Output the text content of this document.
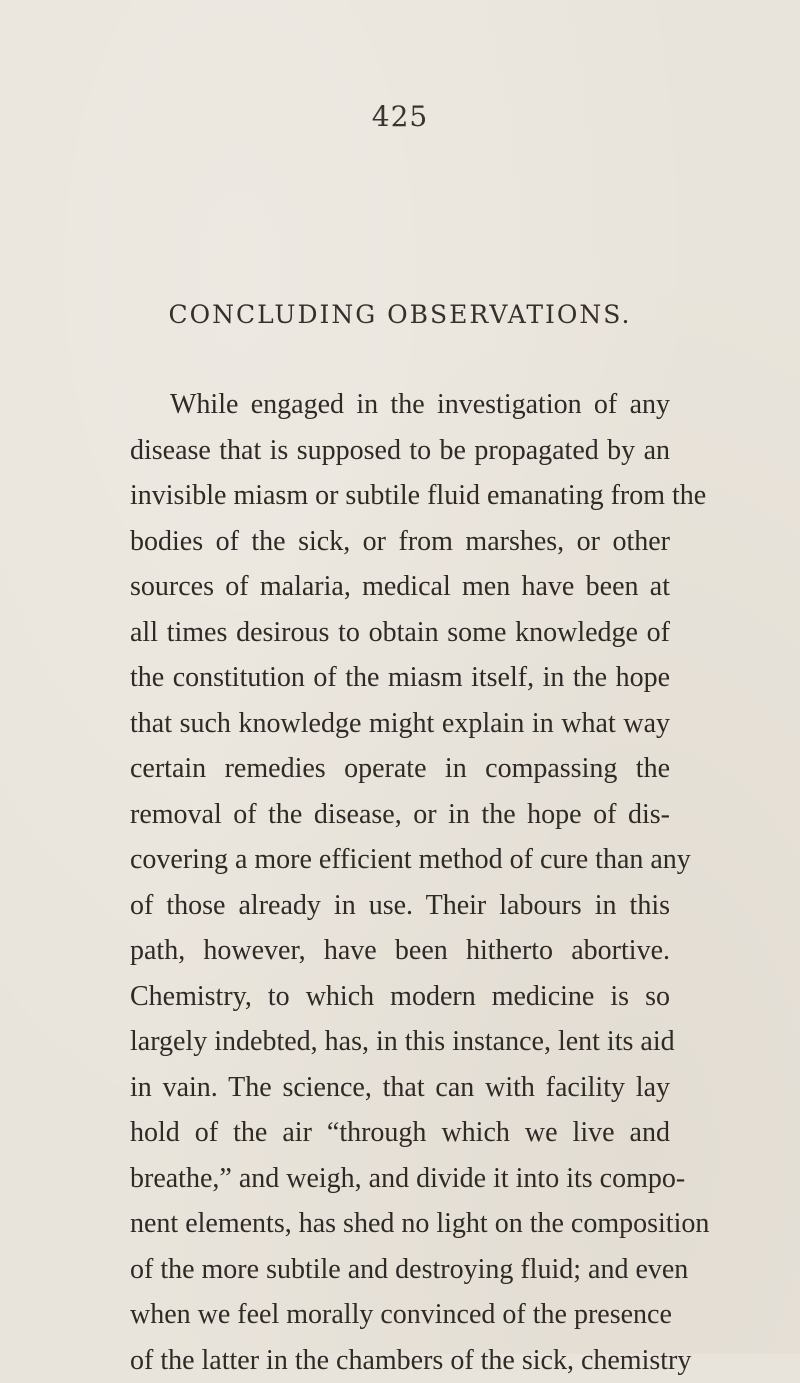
425
CONCLUDING OBSERVATIONS.
While engaged in the investigation of any
disease that is supposed to be propagated by an
invisible miasm or subtile fluid emanating from the
bodies of the sick, or from marshes, or other
sources of malaria, medical men have been at
all times desirous to obtain some knowledge of
the constitution of the miasm itself, in the hope
that such knowledge might explain in what way
certain remedies operate in compassing the
removal of the disease, or in the hope of dis-
covering a more efficient method of cure than any
of those already in use. Their labours in this
path, however, have been hitherto abortive.
Chemistry, to which modern medicine is so
largely indebted, has, in this instance, lent its aid
in vain. The science, that can with facility lay
hold of the air “through which we live and
breathe,” and weigh, and divide it into its compo-
nent elements, has shed no light on the composition
of the more subtile and destroying fluid; and even
when we feel morally convinced of the presence
of the latter in the chambers of the sick, chemistry
